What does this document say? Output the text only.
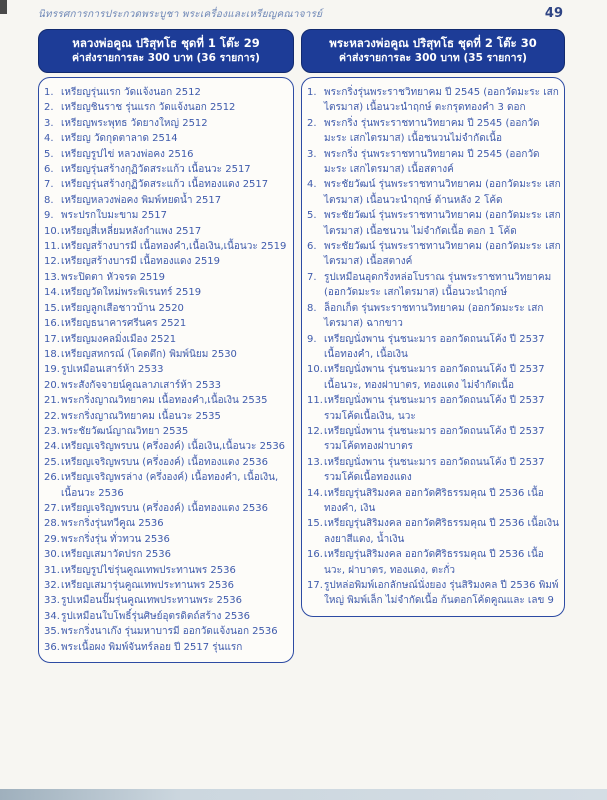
นิทรรศการการประกวดพระบูชา พระเครื่องและเหรียญคณาจารย์	49
หลวงพ่อคูณ ปริสุทโธ ชุดที่ 1 โต๊ะ 29
ค่าส่งรายการละ 300 บาท (36 รายการ)
1. เหรียญรุ่นแรก วัดแจ้งนอก 2512
2. เหรียญชินราช รุ่นแรก วัดแจ้งนอก 2512
3. เหรียญพระพุทธ วัดยางใหญ่ 2512
4. เหรียญ วัดกุดตาลาด 2514
5. เหรียญรูปไข่ หลวงพ่อคง 2516
6. เหรียญรุ่นสร้างกุฏิวัดสระแก้ว เนื้อนวะ 2517
7. เหรียญรุ่นสร้างกุฏิวัดสระแก้ว เนื้อทองแดง 2517
8. เหรียญหลวงพ่อคง พิมพ์หยดน้ำ 2517
9. พระปรกใบมะขาม 2517
10. เหรียญสี่เหลี่ยมหลังกำแพง 2517
11. เหรียญสร้างบารมี เนื้อทองคำ,เนื้อเงิน,เนื้อนวะ 2519
12. เหรียญสร้างบารมี เนื้อทองแดง 2519
13. พระปิดตา หัวจรด 2519
14. เหรียญวัดใหม่พระพิเรนทร์ 2519
15. เหรียญลูกเสือชาวบ้าน 2520
16. เหรียญธนาคารศรีนคร 2521
17. เหรียญมงคลมิ่งเมือง 2521
18. เหรียญสหกรณ์ (โดดตึก) พิมพ์นิยม 2530
19. รูปเหมือนเสาร์ห้า 2533
20. พระสังกัจจายน์คูณลาภเสาร์ห้า 2533
21. พระกริ่งญาณวิทยาคม เนื้อทองคำ,เนื้อเงิน 2535
22. พระกริ่งญาณวิทยาคม เนื้อนวะ 2535
23. พระชัยวัฒน์ญาณวิทยา 2535
24. เหรียญเจริญพรบน (ครึ่งองค์) เนื้อเงิน,เนื้อนวะ 2536
25. เหรียญเจริญพรบน (ครึ่งองค์) เนื้อทองแดง 2536
26. เหรียญเจริญพรล่าง (ครึ่งองค์) เนื้อทองคำ, เนื้อเงิน, เนื้อนวะ 2536
27. เหรียญเจริญพรบน (ครึ่งองค์) เนื้อทองแดง 2536
28. พระกริ่งรุ่นทวีคูณ 2536
29. พระกริ่งรุ่น ทั่วทวน 2536
30. เหรียญเสมาวัดปรก 2536
31. เหรียญรูปไข่รุ่นคูณเทพประทานพร 2536
32. เหรียญเสมารุ่นคูณเทพประทานพร 2536
33. รูปเหมือนปั๊มรุ่นคูณเทพประทานพระ 2536
34. รูปเหมือนใบโพธิ์รุ่นศิษย์อุตรดิตถ์สร้าง 2536
35. พระกริ่งนาเก๊ง รุ่นมหาบารมี ออกวัดแจ้งนอก 2536
36. พระเนื้อผง พิมพ์จันทร์ลอย ปี 2517 รุ่นแรก
พระหลวงพ่อคูณ ปริสุทโธ ชุดที่ 2 โต๊ะ 30
ค่าส่งรายการละ 300 บาท (35 รายการ)
1. พระกริ่งรุ่นพระราชวิทยาคม ปี 2545 (ออกวัดมะระ เสกไตรมาส) เนื้อนวะนำฤกษ์ ตะกรุดทองคำ 3 ดอก
2. พระกริ่ง รุ่นพระราชทานวิทยาคม ปี 2545 (ออกวัดมะระ เสกไตรมาส) เนื้อชนวนไม่จำกัดเนื้อ
3. พระกริ่ง รุ่นพระราชทานวิทยาคม ปี 2545 (ออกวัดมะระ เสกไตรมาส) เนื้อสตางค์
4. พระชัยวัฒน์ รุ่นพระราชทานวิทยาคม (ออกวัดมะระ เสกไตรมาส) เนื้อนวะนำฤกษ์ ด้านหลัง 2 โค้ด
5. พระชัยวัฒน์ รุ่นพระราชทานวิทยาคม (ออกวัดมะระ เสกไตรมาส) เนื้อชนวน ไม่จำกัดเนื้อ ตอก 1 โค้ด
6. พระชัยวัฒน์ รุ่นพระราชทานวิทยาคม (ออกวัดมะระ เสกไตรมาส) เนื้อสตางค์
7. รูปเหมือนอุดกริ่งหล่อโบราณ รุ่นพระราชทานวิทยาคม (ออกวัดมะระ เสกไตรมาส) เนื้อนวะนำฤกษ์
8. ล็อกเก็ต รุ่นพระราชทานวิทยาคม (ออกวัดมะระ เสกไตรมาส) ฉากขาว
9. เหรียญนั่งพาน รุ่นชนะมาร ออกวัดถนนโค้ง ปี 2537 เนื้อทองคำ, เนื้อเงิน
10. เหรียญนั่งพาน รุ่นชนะมาร ออกวัดถนนโค้ง ปี 2537 เนื้อนวะ, ทองฝาบาตร, ทองแดง ไม่จำกัดเนื้อ
11. เหรียญนั่งพาน รุ่นชนะมาร ออกวัดถนนโค้ง ปี 2537 รวมโค้ดเนื้อเงิน, นวะ
12. เหรียญนั่งพาน รุ่นชนะมาร ออกวัดถนนโค้ง ปี 2537 รวมโค้ดทองฝาบาตร
13. เหรียญนั่งพาน รุ่นชนะมาร ออกวัดถนนโค้ง ปี 2537 รวมโค้ดเนื้อทองแดง
14. เหรียญรุ่นสิริมงคล ออกวัดศิริธรรมคุณ ปี 2536 เนื้อทองคำ, เงิน
15. เหรียญรุ่นสิริมงคล ออกวัดศิริธรรมคุณ ปี 2536 เนื้อเงินลงยาสีแดง, น้ำเงิน
16. เหรียญรุ่นสิริมงคล ออกวัดศิริธรรมคุณ ปี 2536 เนื้อนวะ, ฝาบาตร, ทองแดง, ตะกั่ว
17. รูปหล่อพิมพ์เอกลักษณ์นั่งยอง รุ่นสิริมงคล ปี 2536 พิมพ์ใหญ่ พิมพ์เล็ก ไม่จำกัดเนื้อ ก้นตอกโค้ดคูณและ เลข 9
